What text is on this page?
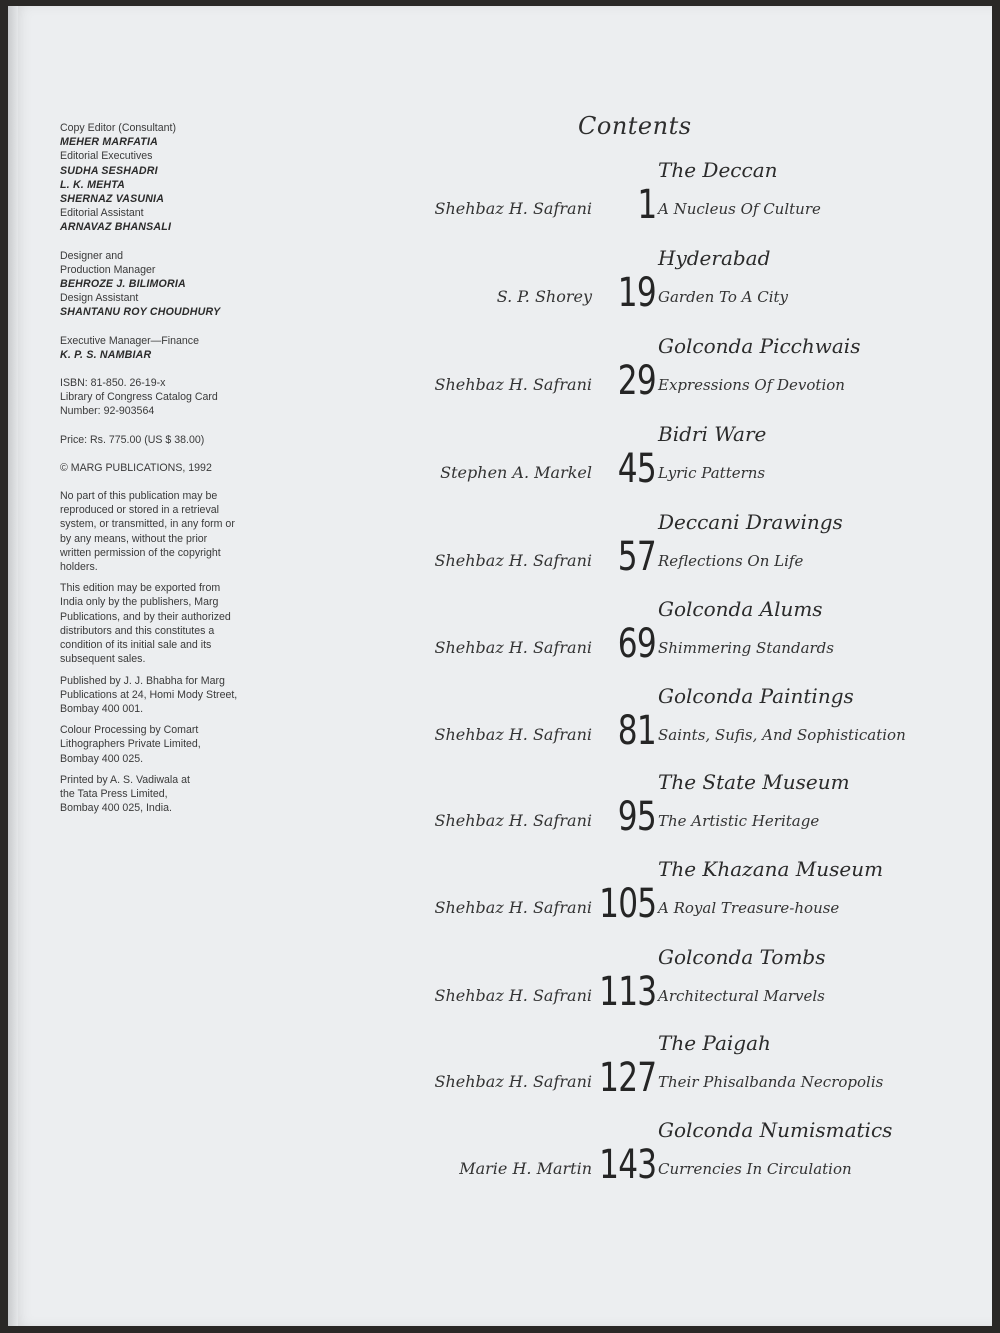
Copy Editor (Consultant)
MEHER MARFATIA
Editorial Executives
SUDHA SESHADRI
L. K. MEHTA
SHERNAZ VASUNIA
Editorial Assistant
ARNAVAZ BHANSALI
Designer and
Production Manager
BEHROZE J. BILIMORIA
Design Assistant
SHANTANU ROY CHOUDHURY
Executive Manager—Finance
K. P. S. NAMBIAR

ISBN: 81-850. 26-19-x
Library of Congress Catalog Card
Number: 92-903564

Price: Rs. 775.00 (US $ 38.00)

© MARG PUBLICATIONS, 1992

No part of this publication may be
reproduced or stored in a retrieval
system, or transmitted, in any form or
by any means, without the prior
written permission of the copyright
holders.

This edition may be exported from
India only by the publishers, Marg
Publications, and by their authorized
distributors and this constitutes a
condition of its initial sale and its
subsequent sales.

Published by J. J. Bhabha for Marg
Publications at 24, Homi Mody Street,
Bombay 400 001.

Colour Processing by Comart
Lithographers Private Limited,
Bombay 400 025.

Printed by A. S. Vadiwala at
the Tata Press Limited,
Bombay 400 025, India.

Contents
Shehbaz H. Safrani 1
The Deccan
A Nucleus Of Culture
S. P. Shorey 19
Hyderabad
Garden To A City
Shehbaz H. Safrani 29
Golconda Picchwais
Expressions Of Devotion
Stephen A. Markel 45
Bidri Ware
Lyric Patterns
Shehbaz H. Safrani 57
Deccani Drawings
Reflections On Life
Shehbaz H. Safrani 69
Golconda Alums
Shimmering Standards
Shehbaz H. Safrani 81
Golconda Paintings
Saints, Sufis, And Sophistication
Shehbaz H. Safrani 95
The State Museum
The Artistic Heritage
Shehbaz H. Safrani 105
The Khazana Museum
A Royal Treasure-house
Shehbaz H. Safrani 113
Golconda Tombs
Architectural Marvels
Shehbaz H. Safrani 127
The Paigah
Their Phisalbanda Necropolis
Marie H. Martin 143
Golconda Numismatics
Currencies In Circulation
